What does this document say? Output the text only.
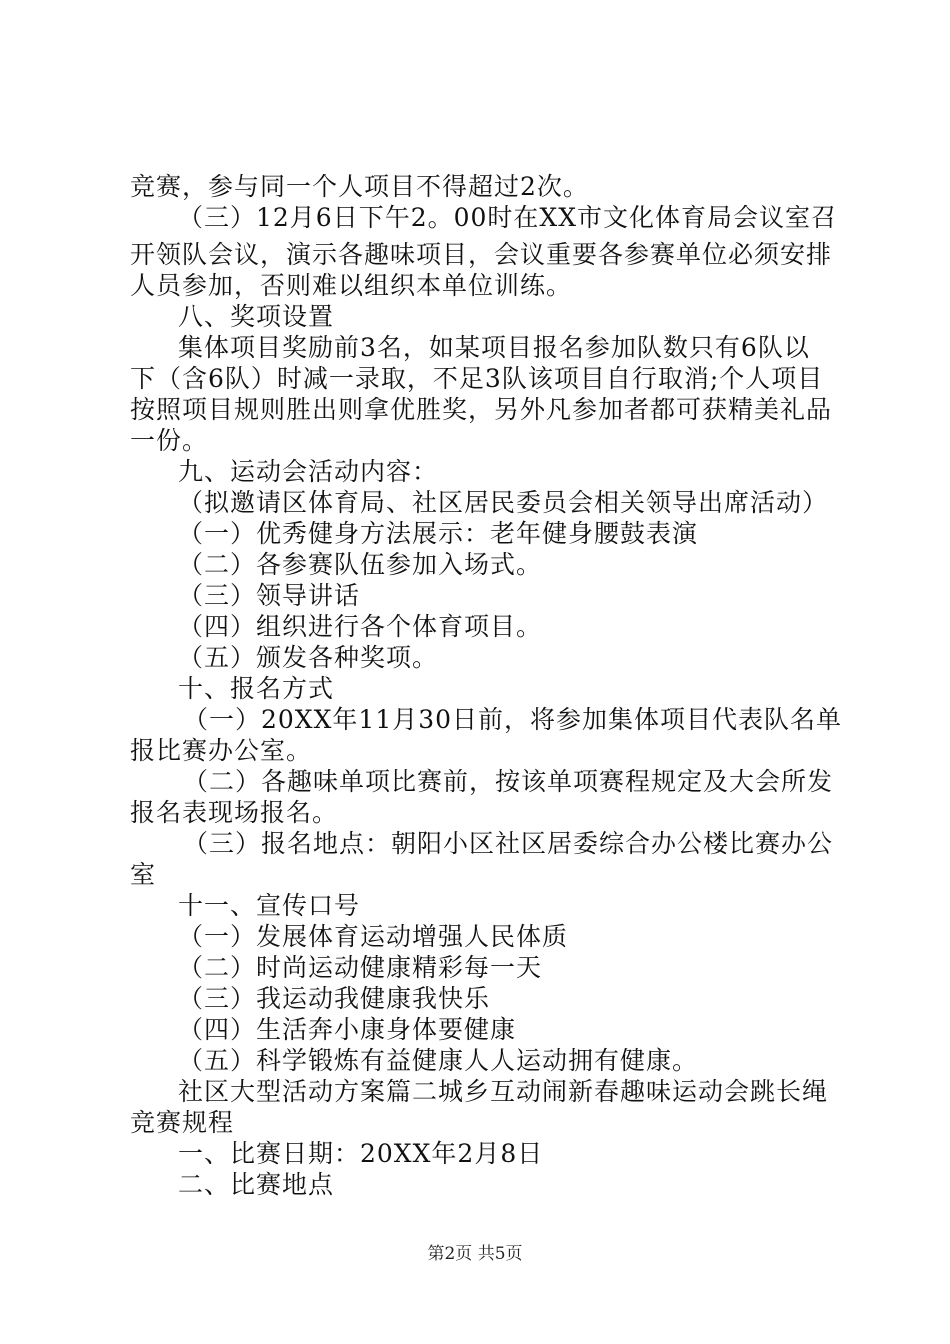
竞赛，参与同一个人项目不得超过2次。
（三）12月6日下午2。00时在XX市文化体育局会议室召
开领队会议，演示各趣味项目，会议重要各参赛单位必须安排
人员参加，否则难以组织本单位训练。
八、奖项设置
集体项目奖励前3名，如某项目报名参加队数只有6队以
下（含6队）时减一录取，不足3队该项目自行取消;个人项目
按照项目规则胜出则拿优胜奖，另外凡参加者都可获精美礼品
一份。
九、运动会活动内容：
（拟邀请区体育局、社区居民委员会相关领导出席活动）
（一）优秀健身方法展示：老年健身腰鼓表演
（二）各参赛队伍参加入场式。
（三）领导讲话
（四）组织进行各个体育项目。
（五）颁发各种奖项。
十、报名方式
（一）20XX年11月30日前，将参加集体项目代表队名单
报比赛办公室。
（二）各趣味单项比赛前，按该单项赛程规定及大会所发
报名表现场报名。
（三）报名地点：朝阳小区社区居委综合办公楼比赛办公
室
十一、宣传口号
（一）发展体育运动增强人民体质
（二）时尚运动健康精彩每一天
（三）我运动我健康我快乐
（四）生活奔小康身体要健康
（五）科学锻炼有益健康人人运动拥有健康。
社区大型活动方案篇二城乡互动闹新春趣味运动会跳长绳
竞赛规程
一、比赛日期：20XX年2月8日
二、比赛地点
第2页 共5页
